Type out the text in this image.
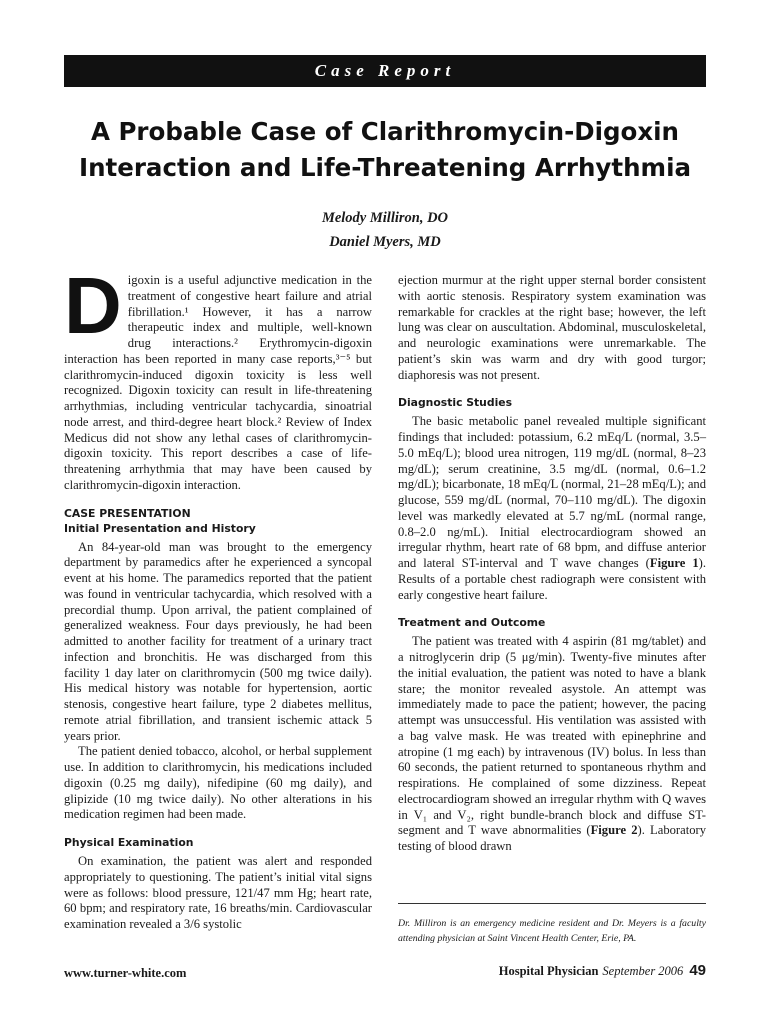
Case Report
A Probable Case of Clarithromycin-Digoxin
Interaction and Life-Threatening Arrhythmia
Melody Milliron, DO
Daniel Myers, MD

Digoxin is a useful adjunctive medication in the treatment of congestive heart failure and atrial fibrillation.¹ However, it has a narrow therapeutic index and multiple, well-known drug interactions.² Erythromycin-digoxin interaction has been reported in many case reports,³⁻⁵ but clarithromycin-induced digoxin toxicity is less well recognized. Digoxin toxicity can result in life-threatening arrhythmias, including ventricular tachycardia, sinoatrial node arrest, and third-degree heart block.² Review of Index Medicus did not show any lethal cases of clarithromycin-digoxin toxicity. This report describes a case of life-threatening arrhythmia that may have been caused by clarithromycin-digoxin interaction.

CASE PRESENTATION
Initial Presentation and History

An 84-year-old man was brought to the emergency department by paramedics after he experienced a syncopal event at his home. The paramedics reported that the patient was found in ventricular tachycardia, which resolved with a precordial thump. Upon arrival, the patient complained of generalized weakness. Four days previously, he had been admitted to another facility for treatment of a urinary tract infection and bronchitis. He was discharged from this facility 1 day later on clarithromycin (500 mg twice daily). His medical history was notable for hypertension, aortic stenosis, congestive heart failure, type 2 diabetes mellitus, remote atrial fibrillation, and transient ischemic attack 5 years prior.

The patient denied tobacco, alcohol, or herbal supplement use. In addition to clarithromycin, his medications included digoxin (0.25 mg daily), nifedipine (60 mg daily), and glipizide (10 mg twice daily). No other alterations in his medication regimen had been made.

Physical Examination

On examination, the patient was alert and responded appropriately to questioning. The patient’s initial vital signs were as follows: blood pressure, 121/47 mm Hg; heart rate, 60 bpm; and respiratory rate, 16 breaths/min. Cardiovascular examination revealed a 3/6 systolic

ejection murmur at the right upper sternal border consistent with aortic stenosis. Respiratory system examination was remarkable for crackles at the right base; however, the left lung was clear on auscultation. Abdominal, musculoskeletal, and neurologic examinations were unremarkable. The patient’s skin was warm and dry with good turgor; diaphoresis was not present.

Diagnostic Studies

The basic metabolic panel revealed multiple significant findings that included: potassium, 6.2 mEq/L (normal, 3.5–5.0 mEq/L); blood urea nitrogen, 119 mg/dL (normal, 8–23 mg/dL); serum creatinine, 3.5 mg/dL (normal, 0.6–1.2 mg/dL); bicarbonate, 18 mEq/L (normal, 21–28 mEq/L); and glucose, 559 mg/dL (normal, 70–110 mg/dL). The digoxin level was markedly elevated at 5.7 ng/mL (normal range, 0.8–2.0 ng/mL). Initial electrocardiogram showed an irregular rhythm, heart rate of 68 bpm, and diffuse anterior and lateral ST-interval and T wave changes (Figure 1). Results of a portable chest radiograph were consistent with early congestive heart failure.

Treatment and Outcome

The patient was treated with 4 aspirin (81 mg/tablet) and a nitroglycerin drip (5 μg/min). Twenty-five minutes after the initial evaluation, the patient was noted to have a blank stare; the monitor revealed asystole. An attempt was immediately made to pace the patient; however, the pacing attempt was unsuccessful. His ventilation was assisted with a bag valve mask. He was treated with epinephrine and atropine (1 mg each) by intravenous (IV) bolus. In less than 60 seconds, the patient returned to spontaneous rhythm and respirations. He complained of some dizziness. Repeat electrocardiogram showed an irregular rhythm with Q waves in V₁ and V₂, right bundle-branch block and diffuse ST-segment and T wave abnormalities (Figure 2). Laboratory testing of blood drawn

Dr. Milliron is an emergency medicine resident and Dr. Meyers is a faculty attending physician at Saint Vincent Health Center, Erie, PA.
www.turner-white.com	Hospital Physician September 2006 49
